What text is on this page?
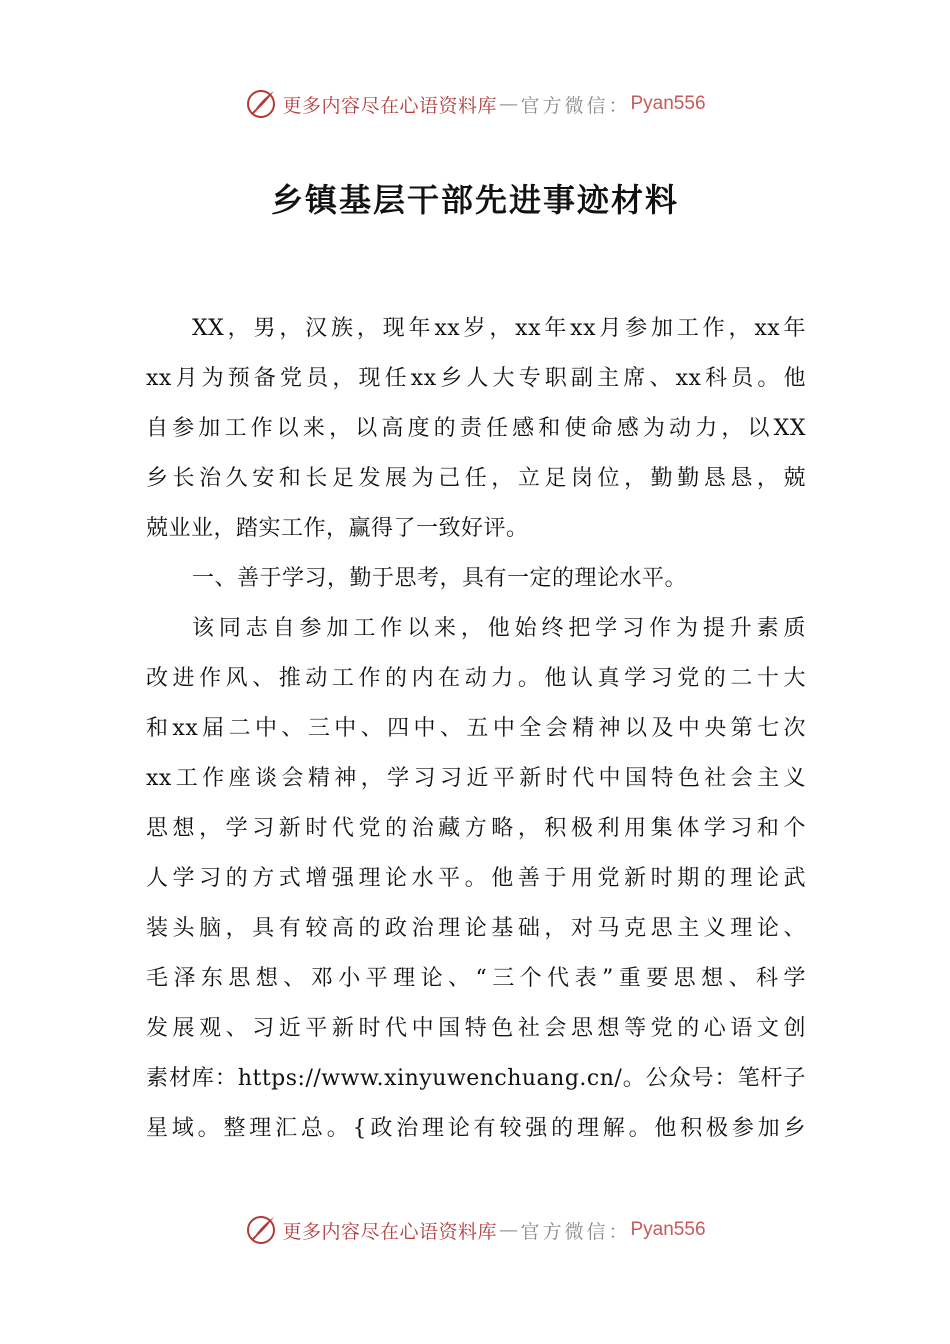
更多内容尽在心语资料库 — 官方微信： Pyan556
乡镇基层干部先进事迹材料
XX，男，汉族，现年xx岁，xx年xx月参加工作，xx年
xx月为预备党员，现任xx乡人大专职副主席、xx科员。他
自参加工作以来，以高度的责任感和使命感为动力，以XX
乡长治久安和长足发展为己任，立足岗位，勤勤恳恳，兢
兢业业，踏实工作，赢得了一致好评。
一、善于学习，勤于思考，具有一定的理论水平。
该同志自参加工作以来，他始终把学习作为提升素质
改进作风、推动工作的内在动力。他认真学习党的二十大
和xx届二中、三中、四中、五中全会精神以及中央第七次
xx工作座谈会精神，学习习近平新时代中国特色社会主义
思想，学习新时代党的治藏方略，积极利用集体学习和个
人学习的方式增强理论水平。他善于用党新时期的理论武
装头脑，具有较高的政治理论基础，对马克思主义理论、
毛泽东思想、邓小平理论、“三个代表”重要思想、科学
发展观、习近平新时代中国特色社会思想等党的心语文创
素材库：https://www.xinyuwenchuang.cn/。公众号：笔杆子
星域。整理汇总。{政治理论有较强的理解。他积极参加乡
更多内容尽在心语资料库 — 官方微信： Pyan556
